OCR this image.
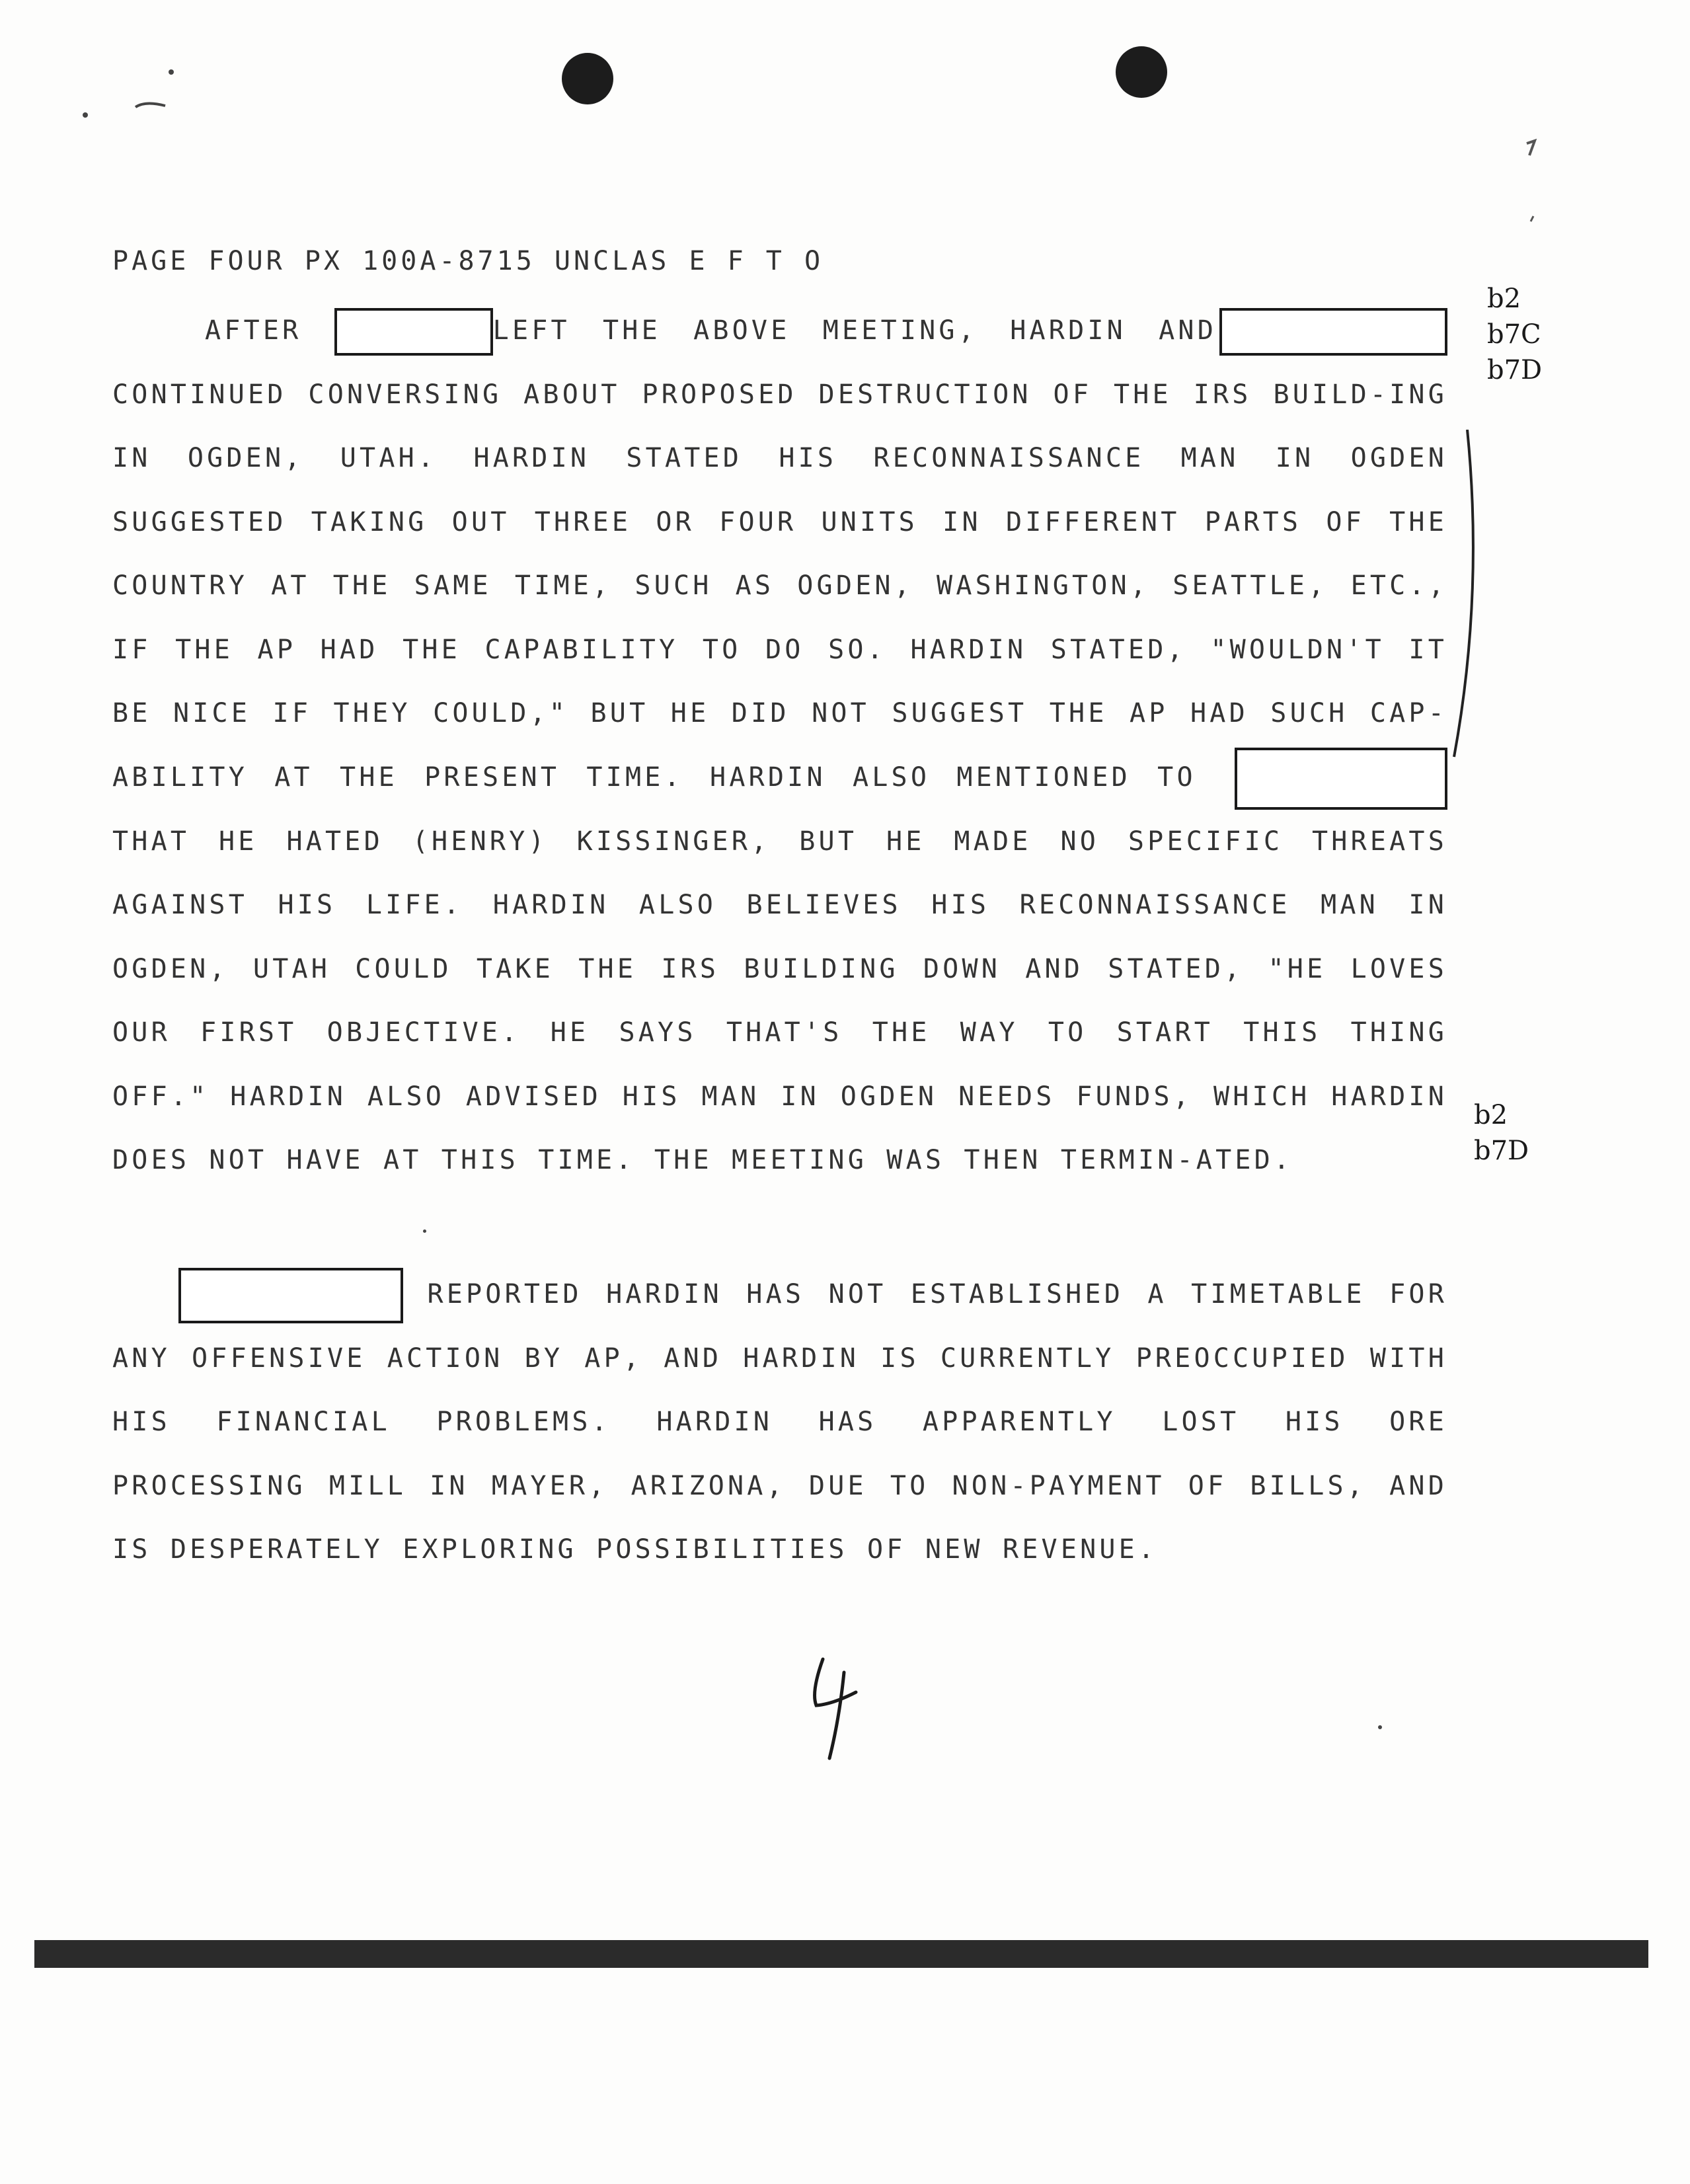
PAGE FOUR PX 100A-8715 UNCLAS E F T O

AFTER	LEFT THE ABOVE MEETING, HARDIN AND CONTINUED CONVERSING ABOUT PROPOSED DESTRUCTION OF THE IRS BUILD-ING IN OGDEN, UTAH. HARDIN STATED HIS RECONNAISSANCE MAN IN OGDEN SUGGESTED TAKING OUT THREE OR FOUR UNITS IN DIFFERENT PARTS OF THE COUNTRY AT THE SAME TIME, SUCH AS OGDEN, WASHINGTON, SEATTLE, ETC., IF THE AP HAD THE CAPABILITY TO DO SO. HARDIN STATED, "WOULDN'T IT BE NICE IF THEY COULD," BUT HE DID NOT SUGGEST THE AP HAD SUCH CAP-ABILITY AT THE PRESENT TIME. HARDIN ALSO MENTIONED TO  THAT HE HATED (HENRY) KISSINGER, BUT HE MADE NO SPECIFIC THREATS AGAINST HIS LIFE. HARDIN ALSO BELIEVES HIS RECONNAISSANCE MAN IN OGDEN, UTAH COULD TAKE THE IRS BUILDING DOWN AND STATED, "HE LOVES OUR FIRST OBJECTIVE. HE SAYS THAT'S THE WAY TO START THIS THING OFF." HARDIN ALSO ADVISED HIS MAN IN OGDEN NEEDS FUNDS, WHICH HARDIN DOES NOT HAVE AT THIS TIME. THE MEETING WAS THEN TERMIN-ATED.

REPORTED HARDIN HAS NOT ESTABLISHED A TIMETABLE FOR ANY OFFENSIVE ACTION BY AP, AND HARDIN IS CURRENTLY PREOCCUPIED WITH HIS FINANCIAL PROBLEMS. HARDIN HAS APPARENTLY LOST HIS ORE PROCESSING MILL IN MAYER, ARIZONA, DUE TO NON-PAYMENT OF BILLS, AND IS DESPERATELY EXPLORING POSSIBILITIES OF NEW REVENUE.

b2
b7C
b7D
b2
b7D
